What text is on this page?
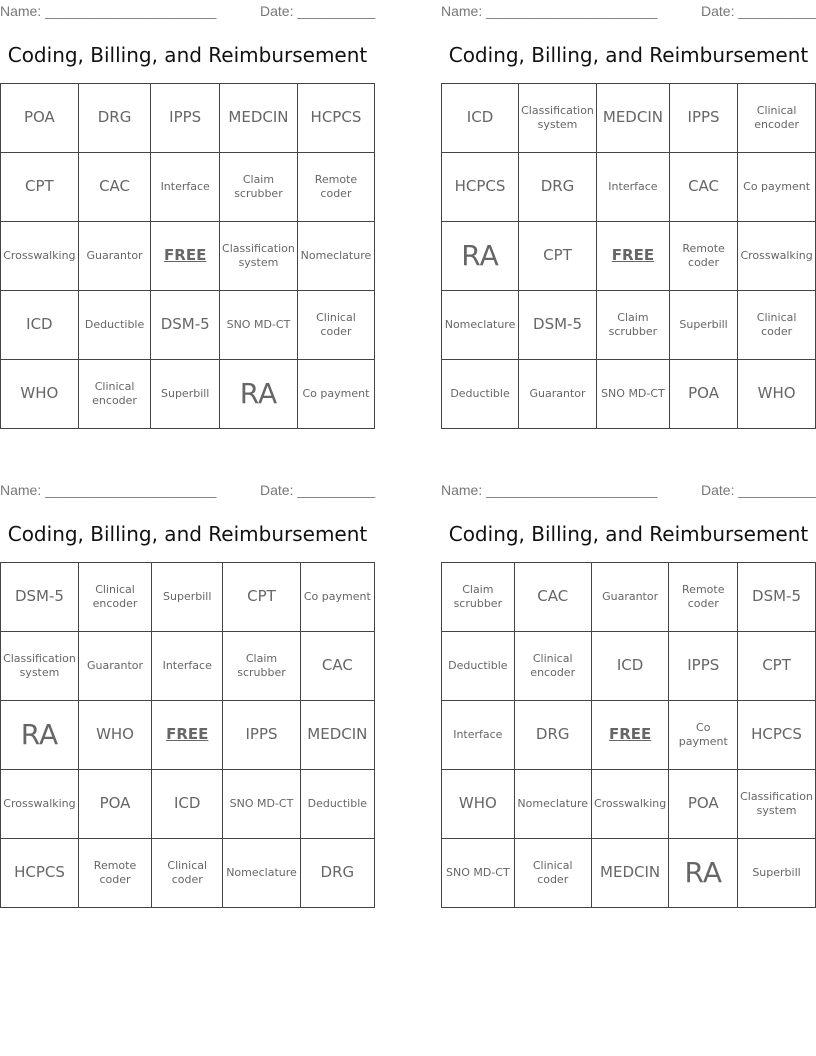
Name: ______________________	Date: __________
Coding, Billing, and Reimbursement
POA	DRG	IPPS	MEDCIN	HCPCS
CPT	CAC	Interface	Claim scrubber	Remote coder
Crosswalking	Guarantor	FREE	Classification system	Nomeclature
ICD	Deductible	DSM-5	SNO MD-CT	Clinical coder
WHO	Clinical encoder	Superbill	RA	Co payment
Name: ______________________	Date: __________
Coding, Billing, and Reimbursement
ICD	Classification system	MEDCIN	IPPS	Clinical encoder
HCPCS	DRG	Interface	CAC	Co payment
RA	CPT	FREE	Remote coder	Crosswalking
Nomeclature	DSM-5	Claim scrubber	Superbill	Clinical coder
Deductible	Guarantor	SNO MD-CT	POA	WHO
Name: ______________________	Date: __________
Coding, Billing, and Reimbursement
DSM-5	Clinical encoder	Superbill	CPT	Co payment
Classification system	Guarantor	Interface	Claim scrubber	CAC
RA	WHO	FREE	IPPS	MEDCIN
Crosswalking	POA	ICD	SNO MD-CT	Deductible
HCPCS	Remote coder	Clinical coder	Nomeclature	DRG
Name: ______________________	Date: __________
Coding, Billing, and Reimbursement
Claim scrubber	CAC	Guarantor	Remote coder	DSM-5
Deductible	Clinical encoder	ICD	IPPS	CPT
Interface	DRG	FREE	Co payment	HCPCS
WHO	Nomeclature	Crosswalking	POA	Classification system
SNO MD-CT	Clinical coder	MEDCIN	RA	Superbill
